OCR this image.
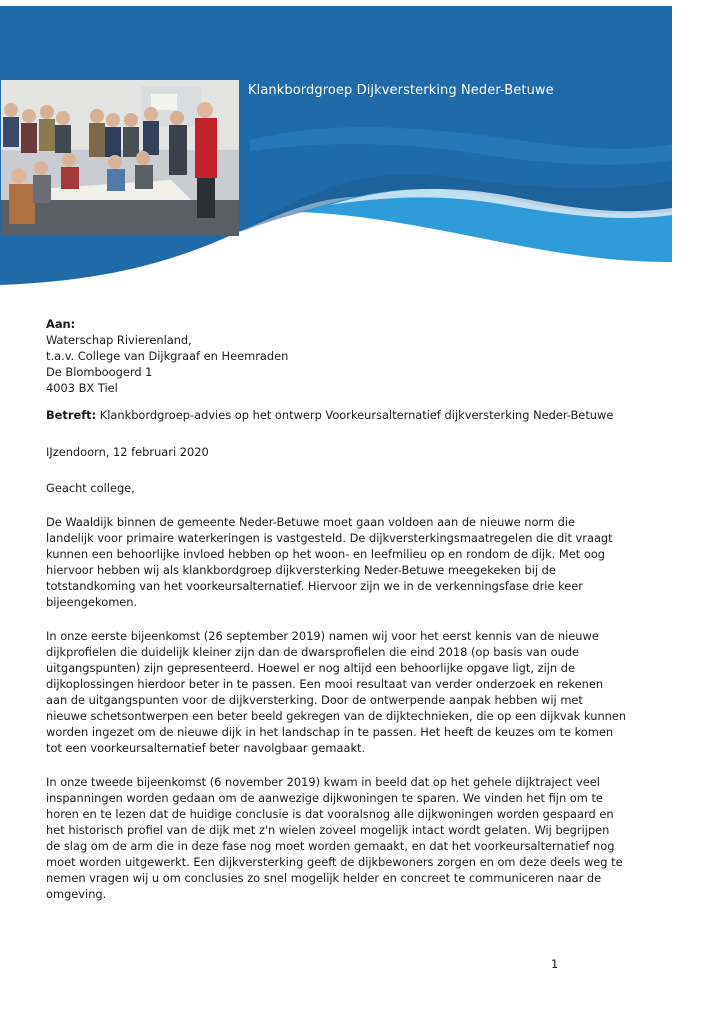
Klankbordgroep Dijkversterking Neder-Betuwe
Aan:
Waterschap Rivierenland,
t.a.v. College van Dijkgraaf en Heemraden
De Blomboogerd 1
4003 BX Tiel
Betreft: Klankbordgroep-advies op het ontwerp Voorkeursalternatief dijkversterking Neder-Betuwe
IJzendoorn, 12 februari 2020
Geacht college,
De Waaldijk binnen de gemeente Neder-Betuwe moet gaan voldoen aan de nieuwe norm die
landelijk voor primaire waterkeringen is vastgesteld. De dijkversterkingsmaatregelen die dit vraagt
kunnen een behoorlijke invloed hebben op het woon- en leefmilieu op en rondom de dijk. Met oog
hiervoor hebben wij als klankbordgroep dijkversterking Neder-Betuwe meegekeken bij de
totstandkoming van het voorkeursalternatief. Hiervoor zijn we in de verkenningsfase drie keer
bijeengekomen.
In onze eerste bijeenkomst (26 september 2019) namen wij voor het eerst kennis van de nieuwe
dijkprofielen die duidelijk kleiner zijn dan de dwarsprofielen die eind 2018 (op basis van oude
uitgangspunten) zijn gepresenteerd. Hoewel er nog altijd een behoorlijke opgave ligt, zijn de
dijkoplossingen hierdoor beter in te passen. Een mooi resultaat van verder onderzoek en rekenen
aan de uitgangspunten voor de dijkversterking. Door de ontwerpende aanpak hebben wij met
nieuwe schetsontwerpen een beter beeld gekregen van de dijktechnieken, die op een dijkvak kunnen
worden ingezet om de nieuwe dijk in het landschap in te passen. Het heeft de keuzes om te komen
tot een voorkeursalternatief beter navolgbaar gemaakt.
In onze tweede bijeenkomst (6 november 2019) kwam in beeld dat op het gehele dijktraject veel
inspanningen worden gedaan om de aanwezige dijkwoningen te sparen. We vinden het fijn om te
horen en te lezen dat de huidige conclusie is dat vooralsnog alle dijkwoningen worden gespaard en
het historisch profiel van de dijk met z'n wielen zoveel mogelijk intact wordt gelaten. Wij begrijpen
de slag om de arm die in deze fase nog moet worden gemaakt, en dat het voorkeursalternatief nog
moet worden uitgewerkt. Een dijkversterking geeft de dijkbewoners zorgen en om deze deels weg te
nemen vragen wij u om conclusies zo snel mogelijk helder en concreet te communiceren naar de
omgeving.
1
